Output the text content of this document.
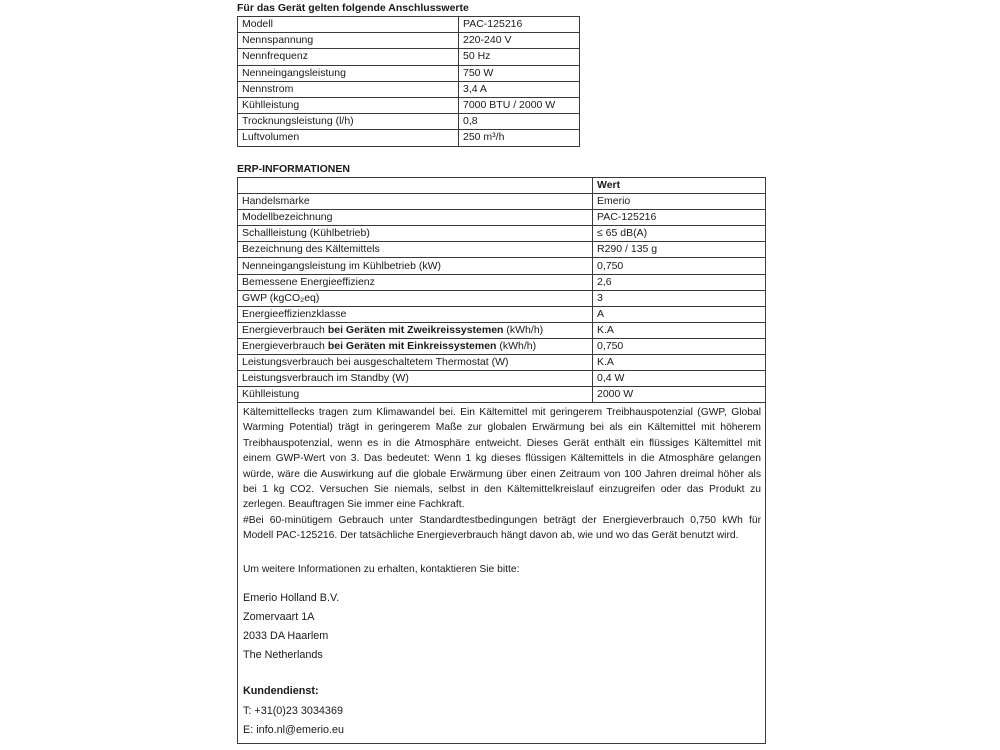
Für das Gerät gelten folgende Anschlusswerte
Modell	PAC-125216
Nennspannung	220-240 V
Nennfrequenz	50 Hz
Nenneingangsleistung	750 W
Nennstrom	3,4 A
Kühlleistung	7000 BTU / 2000 W
Trocknungsleistung (l/h)	0,8
Luftvolumen	250 m³/h
ERP-INFORMATIONEN
	Wert
Handelsmarke	Emerio
Modellbezeichnung	PAC-125216
Schallleistung (Kühlbetrieb)	≤ 65 dB(A)
Bezeichnung des Kältemittels	R290 / 135 g
Nenneingangsleistung im Kühlbetrieb (kW)	0,750
Bemessene Energieeffizienz	2,6
GWP (kgCO₂eq)	3
Energieeffizienzklasse	A
Energieverbrauch bei Geräten mit Zweikreissystemen (kWh/h)	K.A
Energieverbrauch bei Geräten mit Einkreissystemen (kWh/h)	0,750
Leistungsverbrauch bei ausgeschaltetem Thermostat (W)	K.A
Leistungsverbrauch im Standby (W)	0,4 W
Kühlleistung	2000 W

Kältemittellecks tragen zum Klimawandel bei. Ein Kältemittel mit geringerem Treibhauspotenzial (GWP, Global Warming Potential) trägt in geringerem Maße zur globalen Erwärmung bei als ein Kältemittel mit höherem Treibhauspotenzial, wenn es in die Atmosphäre entweicht. Dieses Gerät enthält ein flüssiges Kältemittel mit einem GWP-Wert von 3. Das bedeutet: Wenn 1 kg dieses flüssigen Kältemittels in die Atmosphäre gelangen würde, wäre die Auswirkung auf die globale Erwärmung über einen Zeitraum von 100 Jahren dreimal höher als bei 1 kg CO2. Versuchen Sie niemals, selbst in den Kältemittelkreislauf einzugreifen oder das Produkt zu zerlegen. Beauftragen Sie immer eine Fachkraft.

#Bei 60-minütigem Gebrauch unter Standardtestbedingungen beträgt der Energieverbrauch 0,750 kWh für Modell PAC-125216. Der tatsächliche Energieverbrauch hängt davon ab, wie und wo das Gerät benutzt wird.

Um weitere Informationen zu erhalten, kontaktieren Sie bitte:

Emerio Holland B.V.
Zomervaart 1A
2033 DA Haarlem
The Netherlands
Kundendienst:
T: +31(0)23 3034369
E: info.nl@emerio.eu
